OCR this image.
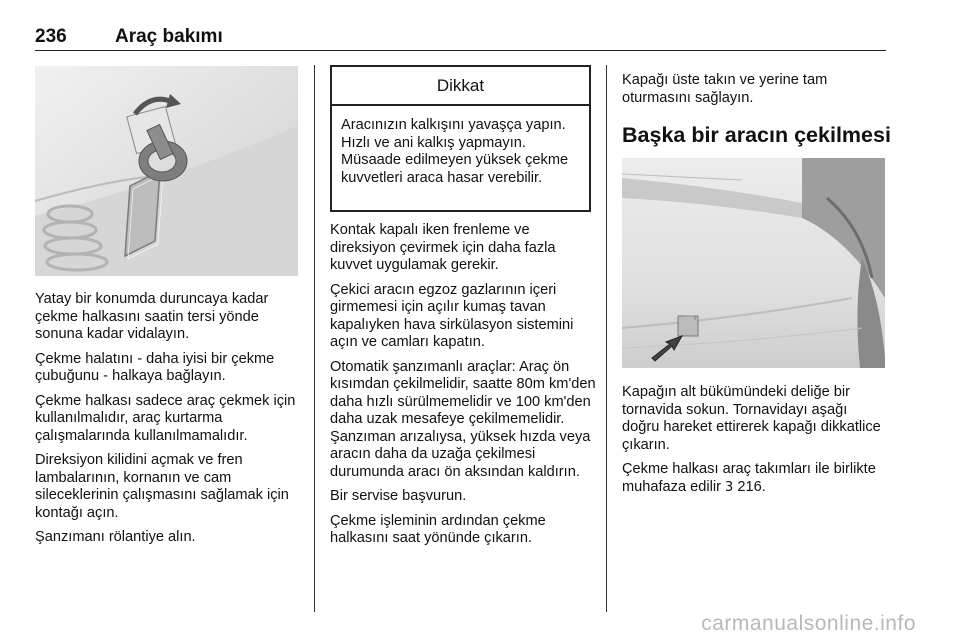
236	Araç bakımı

Yatay bir konumda duruncaya kadar çekme halkasını saatin tersi yönde sonuna kadar vidalayın.

Çekme halatını - daha iyisi bir çekme çubuğunu - halkaya bağlayın.

Çekme halkası sadece araç çekmek için kullanılmalıdır, araç kurtarma çalışmalarında kullanılmamalıdır.

Direksiyon kilidini açmak ve fren lambalarının, kornanın ve cam sileceklerinin çalışmasını sağlamak için kontağı açın.

Şanzımanı rölantiye alın.

Dikkat
Aracınızın kalkışını yavaşça yapın. Hızlı ve ani kalkış yapmayın. Müsaade edilmeyen yüksek çekme kuvvetleri araca hasar verebilir.

Kontak kapalı iken frenleme ve direksiyon çevirmek için daha fazla kuvvet uygulamak gerekir.

Çekici aracın egzoz gazlarının içeri girmemesi için açılır kumaş tavan kapalıyken hava sirkülasyon sistemini açın ve camları kapatın.

Otomatik şanzımanlı araçlar: Araç ön kısımdan çekilmelidir, saatte 80m km'den daha hızlı sürülmemelidir ve 100 km'den daha uzak mesafeye çekilmemelidir. Şanzıman arızalıysa, yüksek hızda veya aracın daha da uzağa çekilmesi durumunda aracı ön aksından kaldırın.

Bir servise başvurun.

Çekme işleminin ardından çekme halkasını saat yönünde çıkarın.

Kapağı üste takın ve yerine tam oturmasını sağlayın.

Başka bir aracın çekilmesi

Kapağın alt bükümündeki deliğe bir tornavida sokun. Tornavidayı aşağı doğru hareket ettirerek kapağı dikkatlice çıkarın.

Çekme halkası araç takımları ile birlikte muhafaza edilir 3 216.

carmanualsonline.info
